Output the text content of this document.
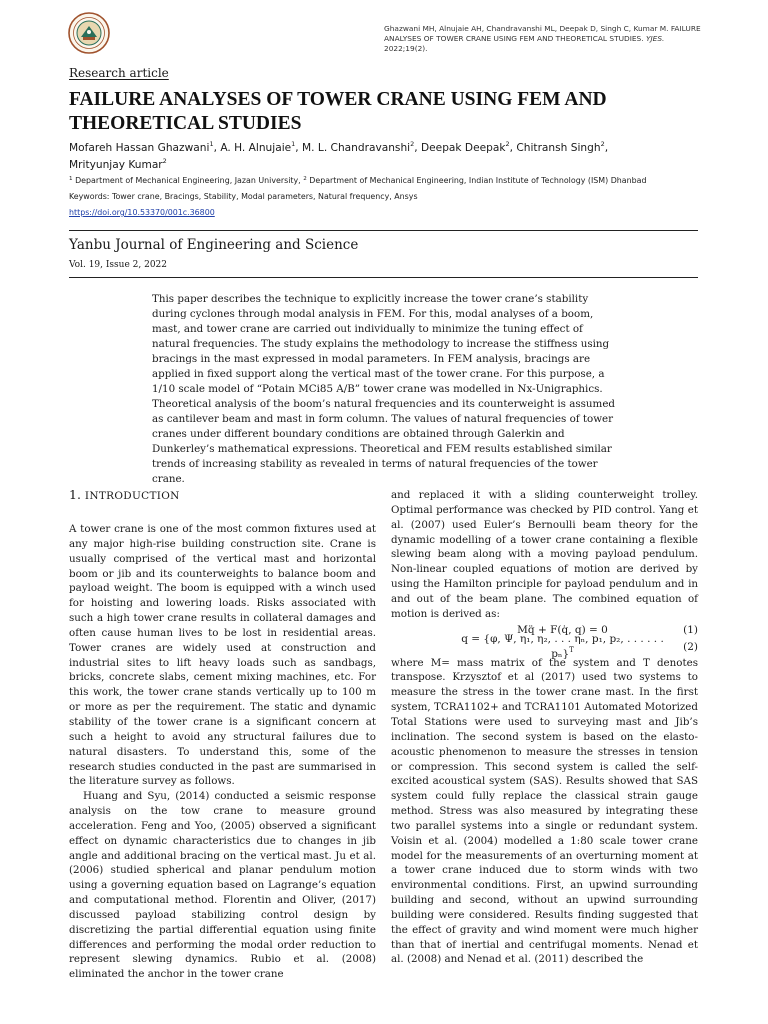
Ghazwani MH, Alnujaie AH, Chandravanshi ML, Deepak D, Singh C, Kumar M. FAILURE

ANALYSES OF TOWER CRANE USING FEM AND THEORETICAL STUDIES. YJES. 2022;19(2).

Research article
FAILURE ANALYSES OF TOWER CRANE USING FEM AND THEORETICAL STUDIES
Mofareh Hassan Ghazwani$^1$, A. H. Alnujaie$^1$, M. L. Chandravanshi$^2$, Deepak Deepak$^2$, Chitransh Singh$^2$,
Mrityunjay Kumar$^2$
$^1$ Department of Mechanical Engineering, Jazan University, $^2$ Department of Mechanical Engineering, Indian Institute of Technology (ISM) Dhanbad
Keywords: Tower crane, Bracings, Stability, Modal parameters, Natural frequency, Ansys
https://doi.org/10.53370/001c.36800
Yanbu Journal of Engineering and Science
Vol. 19, Issue 2, 2022

This paper describes the technique to explicitly increase the tower crane’s stability during cyclones through modal analysis in FEM. For this, modal analyses of a boom, mast, and tower crane are carried out individually to minimize the tuning effect of natural frequencies. The study explains the methodology to increase the stiffness using bracings in the mast expressed in modal parameters. In FEM analysis, bracings are applied in fixed support along the vertical mast of the tower crane. For this purpose, a 1/10 scale model of “Potain MCi85 A/B” tower crane was modelled in Nx-Unigraphics. Theoretical analysis of the boom’s natural frequencies and its counterweight is assumed as cantilever beam and mast in form column. The values of natural frequencies of tower cranes under different boundary conditions are obtained through Galerkin and Dunkerley’s mathematical expressions. Theoretical and FEM results established similar trends of increasing stability as revealed in terms of natural frequencies of the tower crane.

1. INTRODUCTION

A tower crane is one of the most common fixtures used at any major high-rise building construction site. Crane is usually comprised of the vertical mast and horizontal boom or jib and its counterweights to balance boom and payload weight. The boom is equipped with a winch used for hoisting and lowering loads. Risks associated with such a high tower crane results in collateral damages and often cause human lives to be lost in residential areas. Tower cranes are widely used at construction and industrial sites to lift heavy loads such as sandbags, bricks, concrete slabs, cement mixing machines, etc. For this work, the tower crane stands vertically up to 100 m or more as per the requirement. The static and dynamic stability of the tower crane is a significant concern at such a height to avoid any structural failures due to natural disasters. To understand this, some of the research studies conducted in the past are summarised in the literature survey as follows.

Huang and Syu, (2014) conducted a seismic response analysis on the tow crane to measure ground acceleration. Feng and Yoo, (2005) observed a significant effect on dynamic characteristics due to changes in jib angle and additional bracing on the vertical mast. Ju et al. (2006) studied spherical and planar pendulum motion using a governing equation based on Lagrange’s equation and computational method. Florentin and Oliver, (2017) discussed payload stabilizing control design by discretizing the partial differential equation using finite differences and performing the modal order reduction to represent slewing dynamics. Rubio et al. (2008) eliminated the anchor in the tower crane

and replaced it with a sliding counterweight trolley. Optimal performance was checked by PID control. Yang et al. (2007) used Euler’s Bernoulli beam theory for the dynamic modelling of a tower crane containing a flexible slewing beam along with a moving payload pendulum. Non-linear coupled equations of motion are derived by using the Hamilton principle for payload pendulum and in and out of the beam plane. The combined equation of motion is derived as:

Mq̈ + F(q̇, q) = 0	(1)
q = {φ, Ψ, η₁, η₂, . . . ηₙ, p₁, p₂, . . . . . . pₙ}$^T$	(2)

where M= mass matrix of the system and T denotes transpose. Krzysztof et al (2017) used two systems to measure the stress in the tower crane mast. In the first system, TCRA1102+ and TCRA1101 Automated Motorized Total Stations were used to surveying mast and Jib’s inclination. The second system is based on the elasto-acoustic phenomenon to measure the stresses in tension or compression. This second system is called the self-excited acoustical system (SAS). Results showed that SAS system could fully replace the classical strain gauge method. Stress was also measured by integrating these two parallel systems into a single or redundant system. Voisin et al. (2004) modelled a 1:80 scale tower crane model for the measurements of an overturning moment at a tower crane induced due to storm winds with two environmental conditions. First, an upwind surrounding building and second, without an upwind surrounding building were considered. Results finding suggested that the effect of gravity and wind moment were much higher than that of inertial and centrifugal moments. Nenad et al. (2008) and Nenad et al. (2011) described the
